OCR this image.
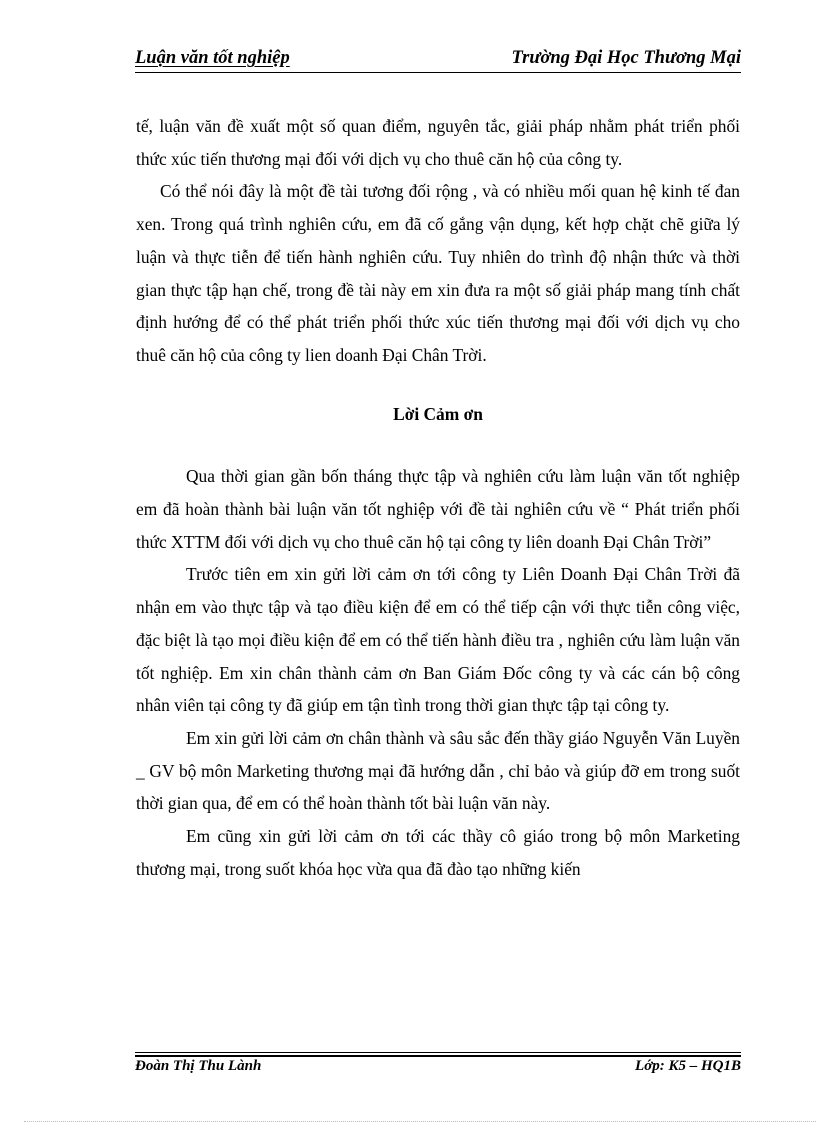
Luận văn tốt nghiệp	Trường Đại Học Thương Mại

tế, luận văn đề xuất một số quan điểm, nguyên tắc, giải pháp nhằm phát triển phối thức xúc tiến thương mại đối với dịch vụ cho thuê căn hộ của công ty.

Có thể nói đây là một đề tài tương đối rộng , và có nhiều mối quan hệ kinh tế đan xen. Trong quá trình nghiên cứu, em đã cố gắng vận dụng, kết hợp chặt chẽ giữa lý luận và thực tiễn để tiến hành nghiên cứu. Tuy nhiên do trình độ nhận thức và thời gian thực tập hạn chế, trong đề tài này em xin đưa ra một số giải pháp mang tính chất định hướng để có thể phát triển phối thức xúc tiến thương mại đối với dịch vụ cho thuê căn hộ của công ty lien doanh Đại Chân Trời.

Lời Cảm ơn

Qua thời gian gần bốn tháng thực tập và nghiên cứu làm luận văn tốt nghiệp em đã hoàn thành bài luận văn tốt nghiệp với đề tài nghiên cứu về “ Phát triển phối thức XTTM đối với dịch vụ cho thuê căn hộ tại công ty liên doanh Đại Chân Trời”

Trước tiên em xin gửi lời cảm ơn tới công ty Liên Doanh Đại Chân Trời đã nhận em vào thực tập và tạo điều kiện để em có thể tiếp cận với thực tiễn công việc, đặc biệt là tạo mọi điều kiện để em có thể tiến hành điều tra , nghiên cứu làm luận văn tốt nghiệp. Em xin chân thành cảm ơn Ban Giám Đốc công ty và các cán bộ công nhân viên tại công ty đã giúp em tận tình trong thời gian thực tập tại công ty.

Em xin gửi lời cảm ơn chân thành và sâu sắc đến thầy giáo Nguyễn Văn Luyền _ GV bộ môn Marketing thương mại đã hướng dẫn , chỉ bảo và giúp đỡ em trong suốt thời gian qua, để em có thể hoàn thành tốt bài luận văn này.

Em cũng xin gửi lời cảm ơn tới các thầy cô giáo trong bộ môn Marketing thương mại, trong suốt khóa học vừa qua đã đào tạo những kiến

Đoàn Thị Thu Lành	Lớp: K5 – HQ1B
